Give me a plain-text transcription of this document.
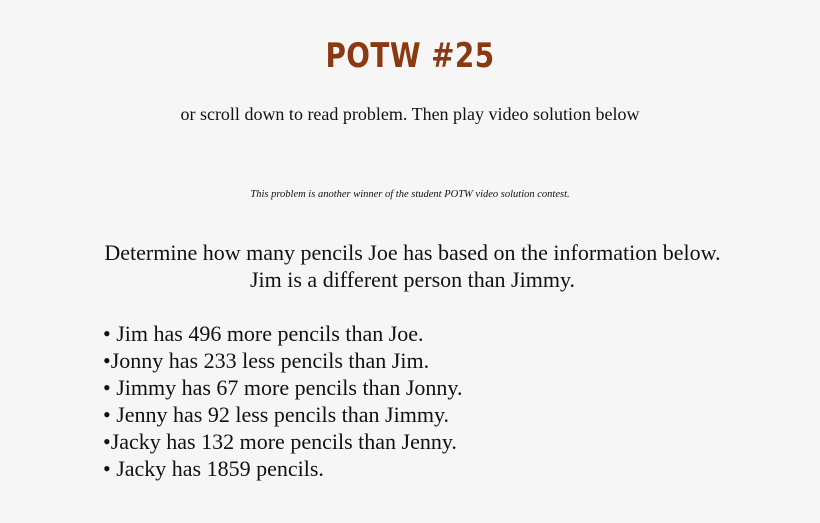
POTW #25
or scroll down to read problem. Then play video solution below
This problem is another winner of the student POTW video solution contest.
Determine how many pencils Joe has based on the information below. Jim is a different person than Jimmy.
• Jim has 496 more pencils than Joe.
•Jonny has 233 less pencils than Jim.
• Jimmy has 67 more pencils than Jonny.
• Jenny has 92 less pencils than Jimmy.
•Jacky has 132 more pencils than Jenny.
• Jacky has 1859 pencils.
